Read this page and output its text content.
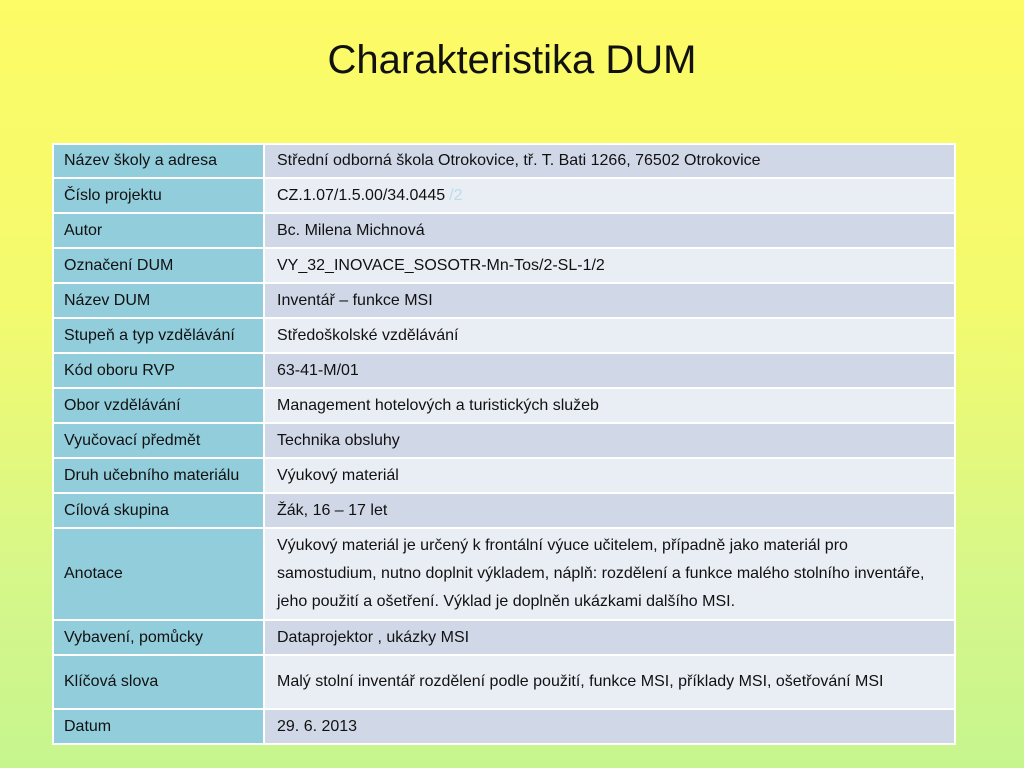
Charakteristika DUM
Název školy a adresa	Střední odborná škola Otrokovice, tř. T. Bati 1266, 76502 Otrokovice
Číslo projektu	CZ.1.07/1.5.00/34.0445 /2
Autor	Bc. Milena Michnová
Označení DUM	VY_32_INOVACE_SOSOTR-Mn-Tos/2-SL-1/2
Název DUM	Inventář – funkce MSI
Stupeň a typ vzdělávání	Středoškolské vzdělávání
Kód oboru RVP	63-41-M/01
Obor vzdělávání	Management hotelových a turistických služeb
Vyučovací předmět	Technika obsluhy
Druh učebního materiálu	Výukový materiál
Cílová skupina	Žák, 16 – 17 let
Anotace	Výukový materiál je určený k frontální výuce učitelem, případně jako materiál pro samostudium, nutno doplnit výkladem, náplň: rozdělení a funkce malého stolního inventáře, jeho použití a ošetření. Výklad je doplněn ukázkami dalšího MSI.
Vybavení, pomůcky	Dataprojektor , ukázky MSI
Klíčová slova	Malý stolní inventář rozdělení podle použití, funkce MSI, příklady MSI, ošetřování MSI
Datum	29. 6. 2013
